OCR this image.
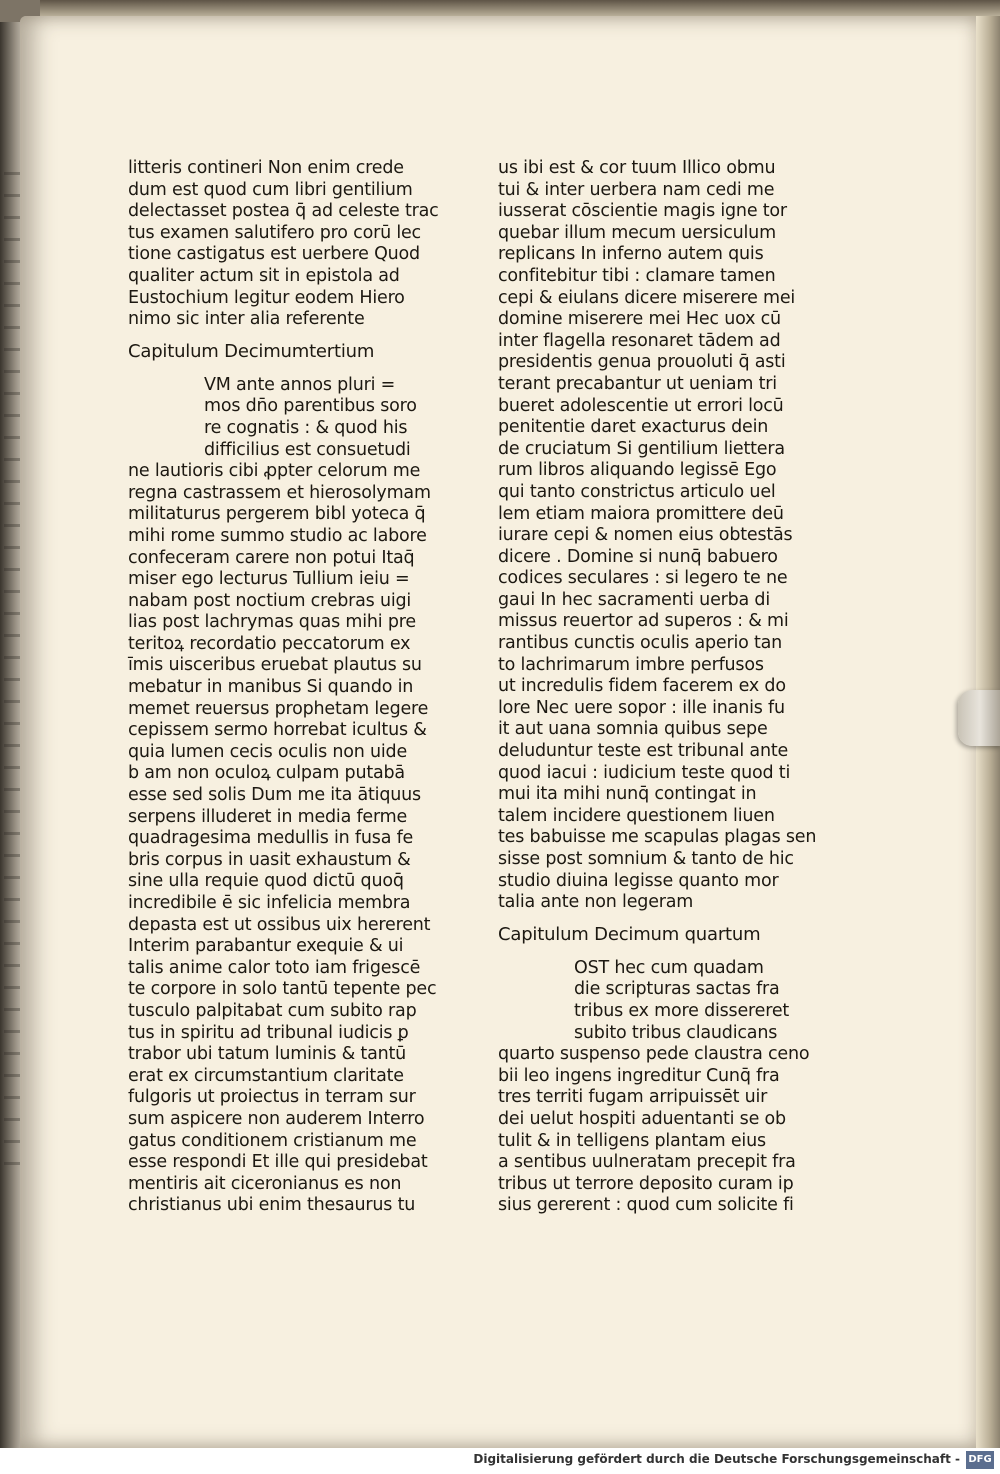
litteris contineri Non enim crede
dum est quod cum libri gentilium
delectasset postea q̄ ad celeste trac
tus examen salutifero pro corū lec
tione castigatus est uerbere Quod
qualiter actum sit in epistola ad
Eustochium legitur eodem Hiero
nimo sic inter alia referente
Capitulum Decimumtertium
VM ante annos pluri =
mos dn̄o parentibus soro
re cognatis : & quod his
difficilius est consuetudi
ne lautioris cibi ꝓpter celorum me
regna castrassem et hierosolymam
militaturus pergerem bibl yoteca q̄
mihi rome summo studio ac labore
confeceram carere non potui Itaq̄
miser ego lecturus Tullium ieiu =
nabam post noctium crebras uigi
lias post lachrymas quas mihi pre
teritoꝝ recordatio peccatorum ex
īmis uisceribus eruebat plautus su
mebatur in manibus Si quando in
memet reuersus prophetam legere
cepissem sermo horrebat icultus &
quia lumen cecis oculis non uide
b am non oculoꝝ culpam putabā
esse sed solis Dum me ita ātiquus
serpens illuderet in media ferme
quadragesima medullis in fusa fe
bris corpus in uasit exhaustum &
sine ulla requie quod dictū quoq̄
incredibile ē sic infelicia membra
depasta est ut ossibus uix hererent
Interim parabantur exequie & ui
talis anime calor toto iam frigescē
te corpore in solo tantū tepente pec
tusculo palpitabat cum subito rap
tus in spiritu ad tribunal iudicis ꝑ
trabor ubi tatum luminis & tantū
erat ex circumstantium claritate
fulgoris ut proiectus in terram sur
sum aspicere non auderem Interro
gatus conditionem cristianum me
esse respondi Et ille qui presidebat
mentiris ait ciceronianus es non
christianus ubi enim thesaurus tu
us ibi est & cor tuum Illico obmu
tui & inter uerbera nam cedi me
iusserat cōscientie magis igne tor
quebar illum mecum uersiculum
replicans In inferno autem quis
confitebitur tibi : clamare tamen
cepi & eiulans dicere miserere mei
domine miserere mei Hec uox cū
inter flagella resonaret tādem ad
presidentis genua prouoluti q̄ asti
terant precabantur ut ueniam tri
bueret adolescentie ut errori locū
penitentie daret exacturus dein
de cruciatum Si gentilium liettera
rum libros aliquando legissē Ego
qui tanto constrictus articulo uel
lem etiam maiora promittere deū
iurare cepi & nomen eius obtestās
dicere . Domine si nunq̄ babuero
codices seculares : si legero te ne
gaui In hec sacramenti uerba di
missus reuertor ad superos : & mi
rantibus cunctis oculis aperio tan
to lachrimarum imbre perfusos
ut incredulis fidem facerem ex do
lore Nec uere sopor : ille inanis fu
it aut uana somnia quibus sepe
deluduntur teste est tribunal ante
quod iacui : iudicium teste quod ti
mui ita mihi nunq̄ contingat in
talem incidere questionem liuen
tes babuisse me scapulas plagas sen
sisse post somnium & tanto de hic
studio diuina legisse quanto mor
talia ante non legeram
Capitulum Decimum quartum
OST hec cum quadam
die scripturas sactas fra
tribus ex more dissereret
subito tribus claudicans
quarto suspenso pede claustra ceno
bii leo ingens ingreditur Cunq̄ fra
tres territi fugam arripuissēt uir
dei uelut hospiti aduentanti se ob
tulit & in telligens plantam eius
a sentibus uulneratam precepit fra
tribus ut terrore deposito curam ip
sius gererent : quod cum solicite fi
Digitalisierung gefördert durch die Deutsche Forschungsgemeinschaft - DFG
